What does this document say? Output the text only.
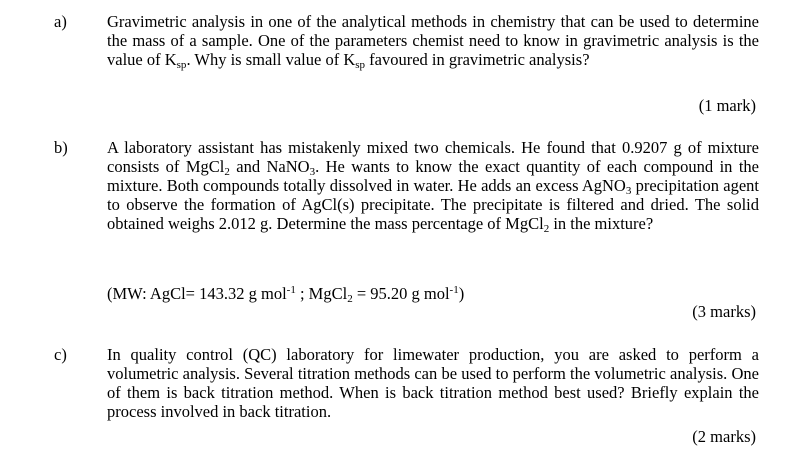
a) Gravimetric analysis in one of the analytical methods in chemistry that can be used to determine the mass of a sample. One of the parameters chemist need to know in gravimetric analysis is the value of $K_{sp}$. Why is small value of $K_{sp}$ favoured in gravimetric analysis?
(1 mark)
b) A laboratory assistant has mistakenly mixed two chemicals. He found that 0.9207 g of mixture consists of MgCl$_2$ and NaNO$_3$. He wants to know the exact quantity of each compound in the mixture. Both compounds totally dissolved in water. He adds an excess AgNO$_3$ precipitation agent to observe the formation of AgCl(s) precipitate. The precipitate is filtered and dried. The solid obtained weighs 2.012 g. Determine the mass percentage of MgCl$_2$ in the mixture?
(MW: AgCl= 143.32 g mol$^{-1}$ ; MgCl$_2$ = 95.20 g mol$^{-1}$)
(3 marks)
c) In quality control (QC) laboratory for limewater production, you are asked to perform a volumetric analysis. Several titration methods can be used to perform the volumetric analysis. One of them is back titration method. When is back titration method best used? Briefly explain the process involved in back titration.
(2 marks)
